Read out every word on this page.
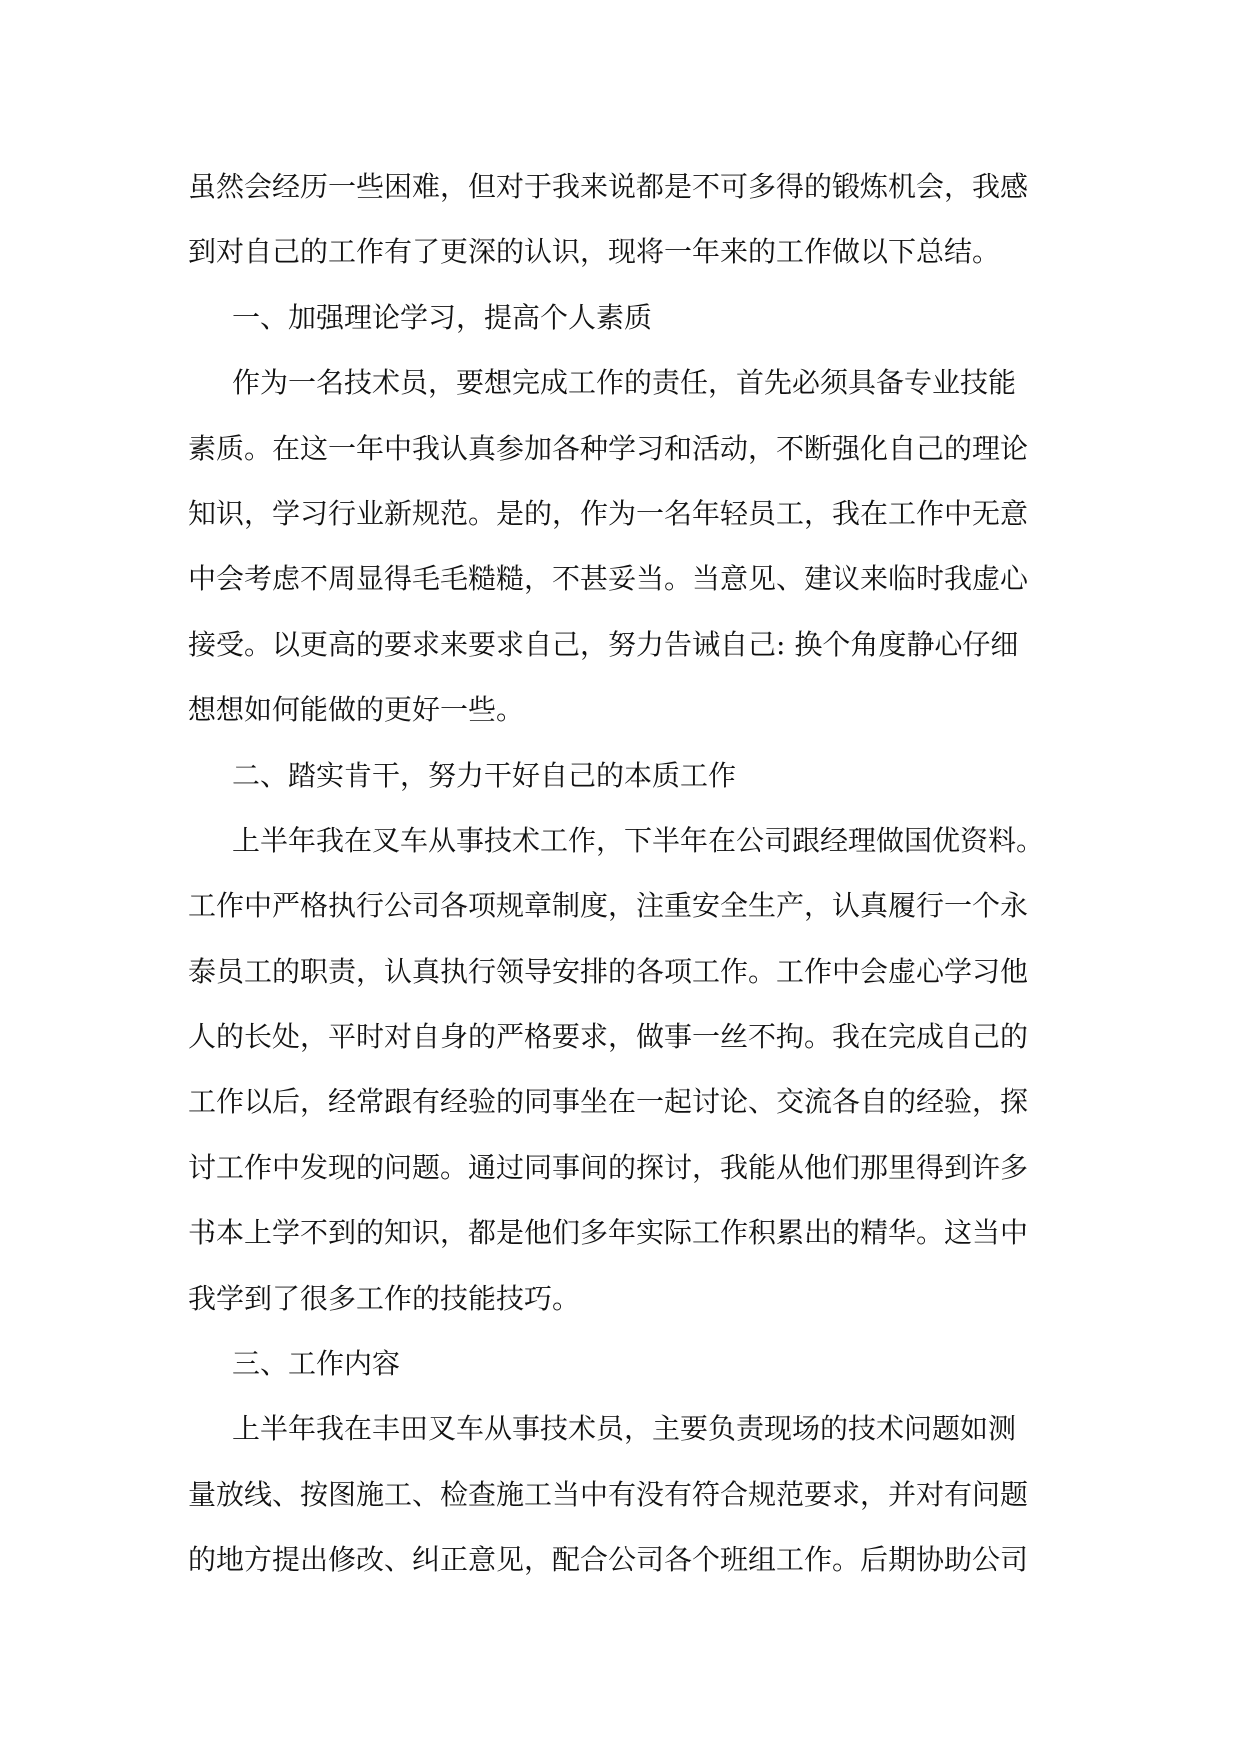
虽然会经历一些困难，但对于我来说都是不可多得的锻炼机会，我感
到对自己的工作有了更深的认识，现将一年来的工作做以下总结。
一、加强理论学习，提高个人素质
作为一名技术员，要想完成工作的责任，首先必须具备专业技能
素质。在这一年中我认真参加各种学习和活动，不断强化自己的理论
知识，学习行业新规范。是的，作为一名年轻员工，我在工作中无意
中会考虑不周显得毛毛糙糙，不甚妥当。当意见、建议来临时我虚心
接受。以更高的要求来要求自己，努力告诫自己: 换个角度静心仔细
想想如何能做的更好一些。
二、踏实肯干，努力干好自己的本质工作
上半年我在叉车从事技术工作，下半年在公司跟经理做国优资料。
工作中严格执行公司各项规章制度，注重安全生产，认真履行一个永
泰员工的职责，认真执行领导安排的各项工作。工作中会虚心学习他
人的长处，平时对自身的严格要求，做事一丝不拘。我在完成自己的
工作以后，经常跟有经验的同事坐在一起讨论、交流各自的经验，探
讨工作中发现的问题。通过同事间的探讨，我能从他们那里得到许多
书本上学不到的知识，都是他们多年实际工作积累出的精华。这当中
我学到了很多工作的技能技巧。
三、工作内容
上半年我在丰田叉车从事技术员，主要负责现场的技术问题如测
量放线、按图施工、检查施工当中有没有符合规范要求，并对有问题
的地方提出修改、纠正意见，配合公司各个班组工作。后期协助公司
